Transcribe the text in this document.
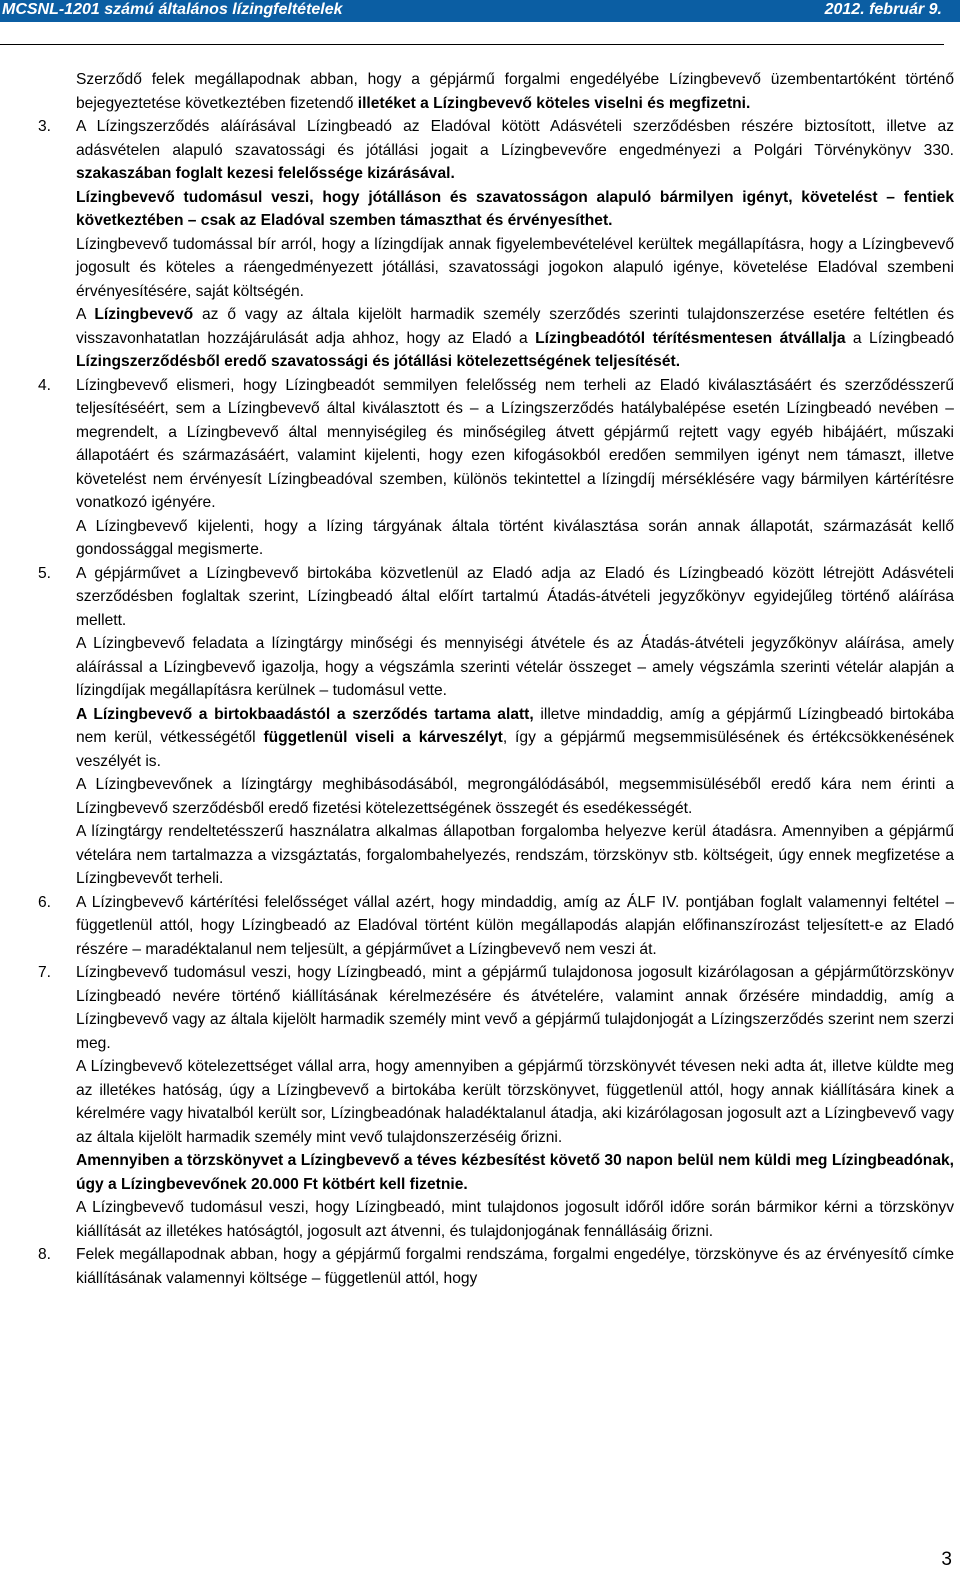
MCSNL-1201 számú általános lízingfeltételek	2012. február 9.

Szerződő felek megállapodnak abban, hogy a gépjármű forgalmi engedélyébe Lízingbevevő üzembentartóként történő bejegyeztetése következtében fizetendő illetéket a Lízingbevevő köteles viselni és megfizetni.

3. A Lízingszerződés aláírásával Lízingbeadó az Eladóval kötött Adásvételi szerződésben részére biztosított, illetve az adásvételen alapuló szavatossági és jótállási jogait a Lízingbevevőre engedményezi a Polgári Törvénykönyv 330. szakaszában foglalt kezesi felelőssége kizárásával.

Lízingbevevő tudomásul veszi, hogy jótálláson és szavatosságon alapuló bármilyen igényt, követelést – fentiek következtében – csak az Eladóval szemben támaszthat és érvényesíthet.

Lízingbevevő tudomással bír arról, hogy a lízingdíjak annak figyelembevételével kerültek megállapításra, hogy a Lízingbevevő jogosult és köteles a ráengedményezett jótállási, szavatossági jogokon alapuló igénye, követelése Eladóval szembeni érvényesítésére, saját költségén.

A Lízingbevevő az ő vagy az általa kijelölt harmadik személy szerződés szerinti tulajdonszerzése esetére feltétlen és visszavonhatatlan hozzájárulását adja ahhoz, hogy az Eladó a Lízingbeadótól térítésmentesen átvállalja a Lízingbeadó Lízingszerződésből eredő szavatossági és jótállási kötelezettségének teljesítését.

4. Lízingbevevő elismeri, hogy Lízingbeadót semmilyen felelősség nem terheli az Eladó kiválasztásáért és szerződésszerű teljesítéséért, sem a Lízingbevevő által kiválasztott és – a Lízingszerződés hatálybalépése esetén Lízingbeadó nevében – megrendelt, a Lízingbevevő által mennyiségileg és minőségileg átvett gépjármű rejtett vagy egyéb hibájáért, műszaki állapotáért és származásáért, valamint kijelenti, hogy ezen kifogásokból eredően semmilyen igényt nem támaszt, illetve követelést nem érvényesít Lízingbeadóval szemben, különös tekintettel a lízingdíj mérséklésére vagy bármilyen kártérítésre vonatkozó igényére.

A Lízingbevevő kijelenti, hogy a lízing tárgyának általa történt kiválasztása során annak állapotát, származását kellő gondossággal megismerte.

5. A gépjárművet a Lízingbevevő birtokába közvetlenül az Eladó adja az Eladó és Lízingbeadó között létrejött Adásvételi szerződésben foglaltak szerint, Lízingbeadó által előírt tartalmú Átadás-átvételi jegyzőkönyv egyidejűleg történő aláírása mellett.

A Lízingbevevő feladata a lízingtárgy minőségi és mennyiségi átvétele és az Átadás-átvételi jegyzőkönyv aláírása, amely aláírással a Lízingbevevő igazolja, hogy a végszámla szerinti vételár összeget – amely végszámla szerinti vételár alapján a lízingdíjak megállapításra kerülnek – tudomásul vette.

A Lízingbevevő a birtokbaadástól a szerződés tartama alatt, illetve mindaddig, amíg a gépjármű Lízingbeadó birtokába nem kerül, vétkességétől függetlenül viseli a kárveszélyt, így a gépjármű megsemmisülésének és értékcsökkenésének veszélyét is.

A Lízingbevevőnek a lízingtárgy meghibásodásából, megrongálódásából, megsemmisüléséből eredő kára nem érinti a Lízingbevevő szerződésből eredő fizetési kötelezettségének összegét és esedékességét.

A lízingtárgy rendeltetésszerű használatra alkalmas állapotban forgalomba helyezve kerül átadásra. Amennyiben a gépjármű vételára nem tartalmazza a vizsgáztatás, forgalombahelyezés, rendszám, törzskönyv stb. költségeit, úgy ennek megfizetése a Lízingbevevőt terheli.

6. A Lízingbevevő kártérítési felelősséget vállal azért, hogy mindaddig, amíg az ÁLF IV. pontjában foglalt valamennyi feltétel – függetlenül attól, hogy Lízingbeadó az Eladóval történt külön megállapodás alapján előfinanszírozást teljesített-e az Eladó részére – maradéktalanul nem teljesült, a gépjárművet a Lízingbevevő nem veszi át.

7. Lízingbevevő tudomásul veszi, hogy Lízingbeadó, mint a gépjármű tulajdonosa jogosult kizárólagosan a gépjárműtörzskönyv Lízingbeadó nevére történő kiállításának kérelmezésére és átvételére, valamint annak őrzésére mindaddig, amíg a Lízingbevevő vagy az általa kijelölt harmadik személy mint vevő a gépjármű tulajdonjogát a Lízingszerződés szerint nem szerzi meg.

A Lízingbevevő kötelezettséget vállal arra, hogy amennyiben a gépjármű törzskönyvét tévesen neki adta át, illetve küldte meg az illetékes hatóság, úgy a Lízingbevevő a birtokába került törzskönyvet, függetlenül attól, hogy annak kiállítására kinek a kérelmére vagy hivatalból került sor, Lízingbeadónak haladéktalanul átadja, aki kizárólagosan jogosult azt a Lízingbevevő vagy az általa kijelölt harmadik személy mint vevő tulajdonszerzéséig őrizni.

Amennyiben a törzskönyvet a Lízingbevevő a téves kézbesítést követő 30 napon belül nem küldi meg Lízingbeadónak, úgy a Lízingbevevőnek 20.000 Ft kötbért kell fizetnie.

A Lízingbevevő tudomásul veszi, hogy Lízingbeadó, mint tulajdonos jogosult időről időre során bármikor kérni a törzskönyv kiállítását az illetékes hatóságtól, jogosult azt átvenni, és tulajdonjogának fennállásáig őrizni.

8. Felek megállapodnak abban, hogy a gépjármű forgalmi rendszáma, forgalmi engedélye, törzskönyve és az érvényesítő címke kiállításának valamennyi költsége – függetlenül attól, hogy

3
